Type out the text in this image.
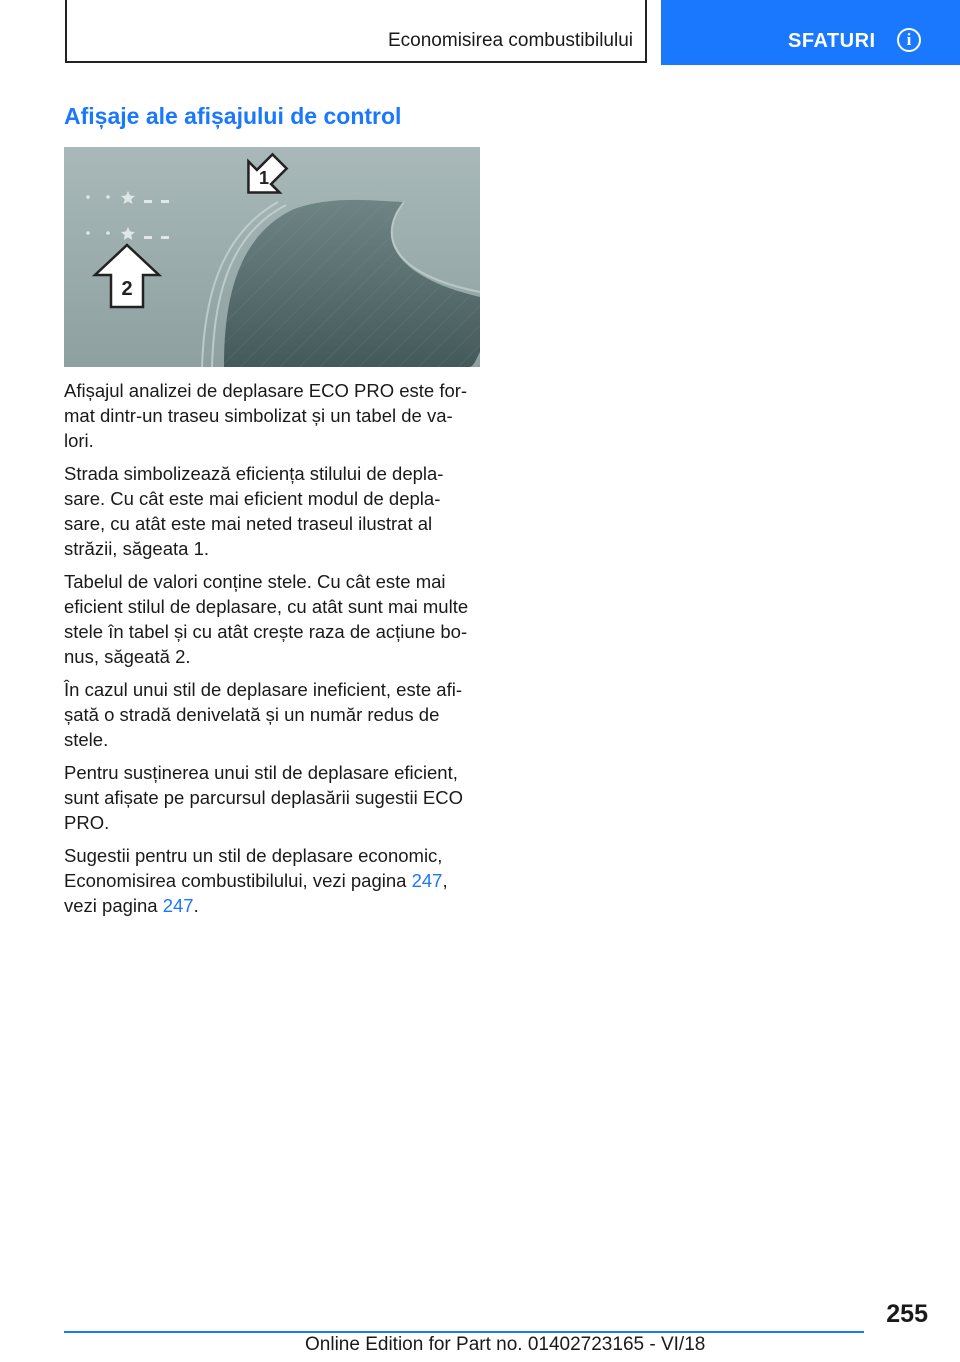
Economisirea combustibilului	SFATURI	i
Afișaje ale afișajului de control
1
2

Afișajul analizei de deplasare ECO PRO este for‐ mat dintr-un traseu simbolizat și un tabel de va‐ lori.

Strada simbolizează eficiența stilului de depla‐ sare. Cu cât este mai eficient modul de depla‐ sare, cu atât este mai neted traseul ilustrat al străzii, săgeata 1.

Tabelul de valori conține stele. Cu cât este mai eficient stilul de deplasare, cu atât sunt mai multe stele în tabel și cu atât crește raza de acțiune bo‐ nus, săgeată 2.

În cazul unui stil de deplasare ineficient, este afi‐ șată o stradă denivelată și un număr redus de stele.

Pentru susținerea unui stil de deplasare eficient, sunt afișate pe parcursul deplasării sugestii ECO PRO.

Sugestii pentru un stil de deplasare economic, Economisirea combustibilului, vezi pagina 247, vezi pagina 247.

255
Online Edition for Part no. 01402723165 - VI/18
